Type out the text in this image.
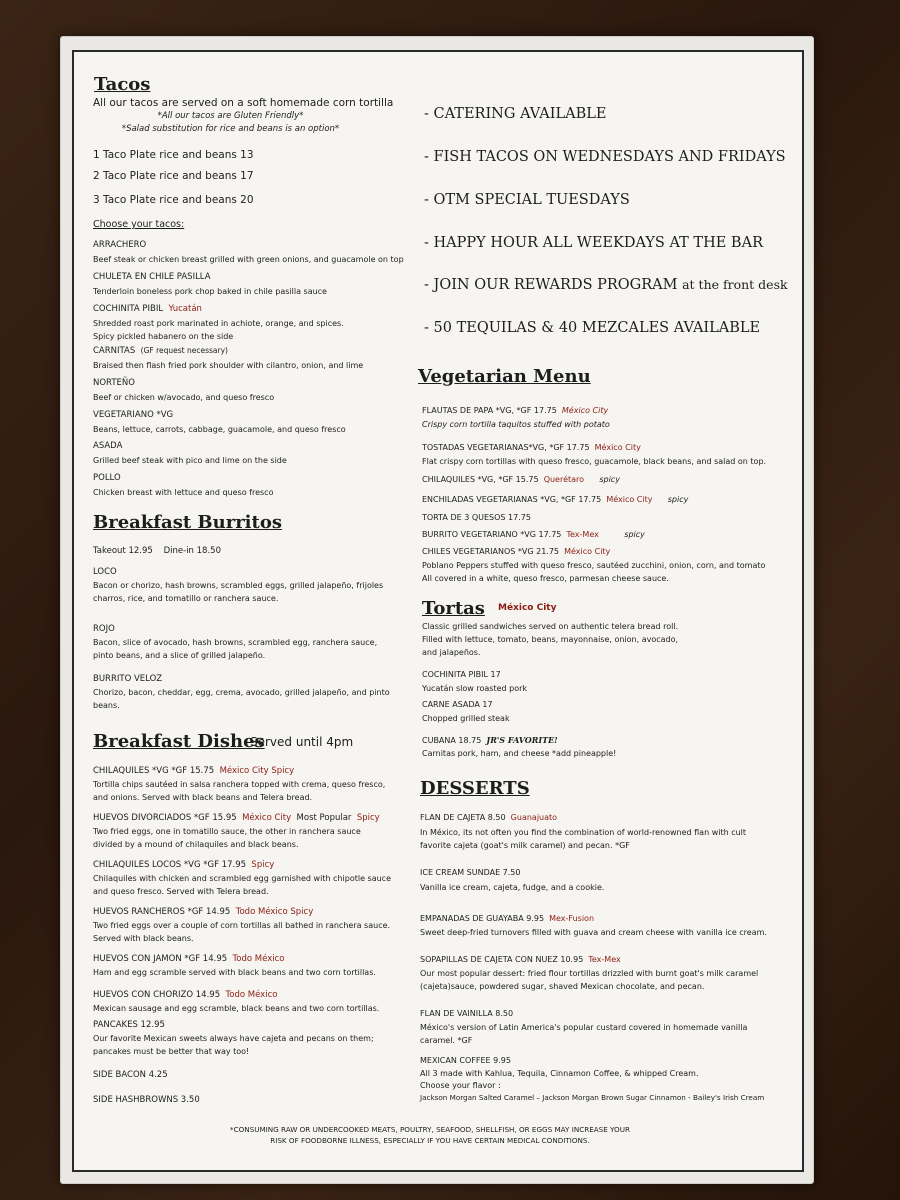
Tacos
All our tacos are served on a soft homemade corn tortilla
*All our tacos are Gluten Friendly*
*Salad substitution for rice and beans is an option*
1 Taco Plate rice and beans 13
2 Taco Plate rice and beans 17
3 Taco Plate rice and beans 20
Choose your tacos:
ARRACHERO
Beef steak or chicken breast grilled with green onions, and guacamole on top
CHULETA EN CHILE PASILLA
Tenderloin boneless pork chop baked in chile pasilla sauce
COCHINITA PIBIL Yucatán
Shredded roast pork marinated in achiote, orange, and spices.
Spicy pickled habanero on the side
CARNITAS (GF request necessary)
Braised then flash fried pork shoulder with cilantro, onion, and lime
NORTEÑO
Beef or chicken w/avocado, and queso fresco
VEGETARIANO *VG
Beans, lettuce, carrots, cabbage, guacamole, and queso fresco
ASADA
Grilled beef steak with pico and lime on the side
POLLO
Chicken breast with lettuce and queso fresco
Breakfast Burritos
Takeout 12.95    Dine-in 18.50
LOCO
Bacon or chorizo, hash browns, scrambled eggs, grilled jalapeño, frijoles charros, rice, and tomatillo or ranchera sauce.
ROJO
Bacon, slice of avocado, hash browns, scrambled egg, ranchera sauce, pinto beans, and a slice of grilled jalapeño.
BURRITO VELOZ
Chorizo, bacon, cheddar, egg, crema, avocado, grilled jalapeño, and pinto beans.
Breakfast Dishes
Served until 4pm
CHILAQUILES *VG *GF 15.75 México City Spicy
Tortilla chips sautéed in salsa ranchera topped with crema, queso fresco, and onions. Served with black beans and Telera bread.
HUEVOS DIVORCIADOS *GF 15.95 México City Most Popular Spicy
Two fried eggs, one in tomatillo sauce, the other in ranchera sauce divided by a mound of chilaquiles and black beans.
CHILAQUILES LOCOS *VG *GF 17.95 Spicy
Chilaquiles with chicken and scrambled egg garnished with chipotle sauce and queso fresco. Served with Telera bread.
HUEVOS RANCHEROS *GF 14.95 Todo México Spicy
Two fried eggs over a couple of corn tortillas all bathed in ranchera sauce. Served with black beans.
HUEVOS CON JAMON *GF 14.95 Todo México
Ham and egg scramble served with black beans and two corn tortillas.
HUEVOS CON CHORIZO 14.95 Todo México
Mexican sausage and egg scramble, black beans and two corn tortillas.
PANCAKES 12.95
Our favorite Mexican sweets always have cajeta and pecans on them; pancakes must be better that way too!
SIDE BACON 4.25
SIDE HASHBROWNS 3.50
- CATERING AVAILABLE
- FISH TACOS ON WEDNESDAYS AND FRIDAYS
- OTM SPECIAL TUESDAYS
- HAPPY HOUR ALL WEEKDAYS AT THE BAR
- JOIN OUR REWARDS PROGRAM at the front desk
- 50 TEQUILAS & 40 MEZCALES AVAILABLE
Vegetarian Menu
FLAUTAS DE PAPA *VG, *GF 17.75 México City
Crispy corn tortilla taquitos stuffed with potato
TOSTADAS VEGETARIANAS*VG, *GF 17.75 México City
Flat crispy corn tortillas with queso fresco, guacamole, black beans, and salad on top.
CHILAQUILES *VG, *GF 15.75 Querétaro spicy
ENCHILADAS VEGETARIANAS *VG, *GF 17.75 México City spicy
TORTA DE 3 QUESOS 17.75
BURRITO VEGETARIANO *VG 17.75 Tex-Mex	spicy
CHILES VEGETARIANOS *VG 21.75 México City
Poblano Peppers stuffed with queso fresco, sautéed zucchini, onion, corn, and tomato All covered in a white, queso fresco, parmesan cheese sauce.
Tortas México City
Classic grilled sandwiches served on authentic telera bread roll. Filled with lettuce, tomato, beans, mayonnaise, onion, avocado, and jalapeños.
COCHINITA PIBIL 17
Yucatán slow roasted pork
CARNE ASADA 17
Chopped grilled steak
CUBANA 18.75 JR'S FAVORITE!
Carnitas pork, ham, and cheese *add pineapple!
DESSERTS
FLAN DE CAJETA 8.50 Guanajuato
In México, its not often you find the combination of world-renowned flan with cult favorite cajeta (goat's milk caramel) and pecan. *GF
ICE CREAM SUNDAE 7.50
Vanilla ice cream, cajeta, fudge, and a cookie.
EMPANADAS DE GUAYABA 9.95 Mex-Fusion
Sweet deep-fried turnovers filled with guava and cream cheese with vanilla ice cream.
SOPAPILLAS DE CAJETA CON NUEZ 10.95 Tex-Mex
Our most popular dessert: fried flour tortillas drizzled with burnt goat's milk caramel (cajeta)sauce, powdered sugar, shaved Mexican chocolate, and pecan.
FLAN DE VAINILLA 8.50
México's version of Latin America's popular custard covered in homemade vanilla caramel. *GF
MEXICAN COFFEE 9.95
All 3 made with Kahlua, Tequila, Cinnamon Coffee, & whipped Cream.
Choose your flavor :
Jackson Morgan Salted Caramel – Jackson Morgan Brown Sugar Cinnamon - Bailey's Irish Cream
*CONSUMING RAW OR UNDERCOOKED MEATS, POULTRY, SEAFOOD, SHELLFISH, OR EGGS MAY INCREASE YOUR RISK OF FOODBORNE ILLNESS, ESPECIALLY IF YOU HAVE CERTAIN MEDICAL CONDITIONS.
